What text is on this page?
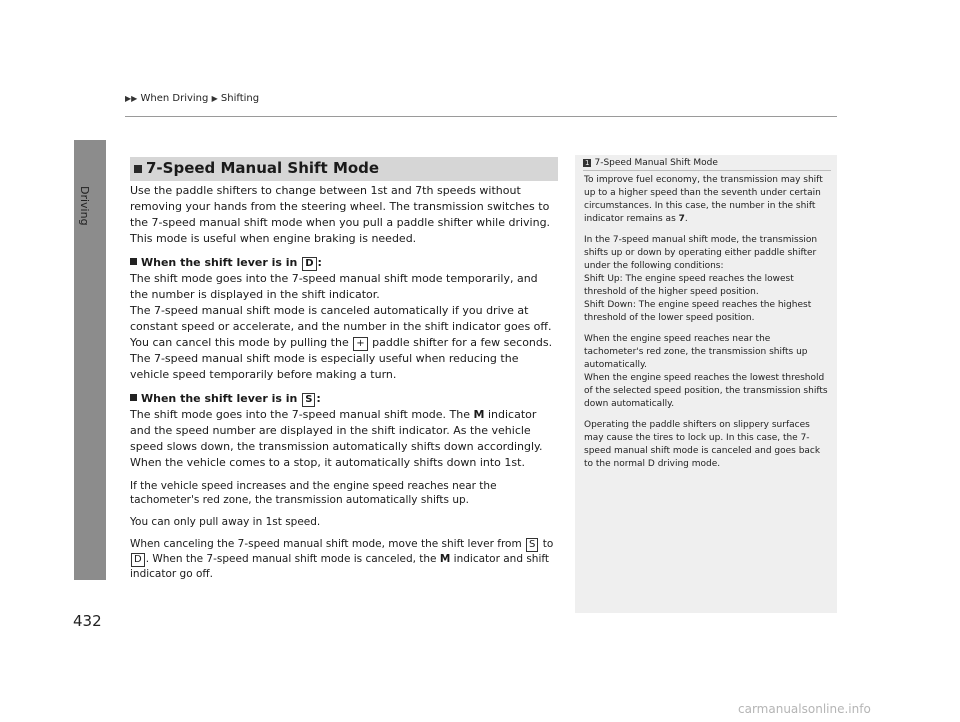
▶▶ When Driving ▶ Shifting
Driving
432
7-Speed Manual Shift Mode

Use the paddle shifters to change between 1st and 7th speeds without removing your hands from the steering wheel. The transmission switches to the 7-speed manual shift mode when you pull a paddle shifter while driving. This mode is useful when engine braking is needed.

When the shift lever is in D :

The shift mode goes into the 7-speed manual shift mode temporarily, and the number is displayed in the shift indicator.

The 7-speed manual shift mode is canceled automatically if you drive at constant speed or accelerate, and the number in the shift indicator goes off.

You can cancel this mode by pulling the + paddle shifter for a few seconds.

The 7-speed manual shift mode is especially useful when reducing the vehicle speed temporarily before making a turn.

When the shift lever is in S :

The shift mode goes into the 7-speed manual shift mode. The M indicator and the speed number are displayed in the shift indicator. As the vehicle speed slows down, the transmission automatically shifts down accordingly. When the vehicle comes to a stop, it automatically shifts down into 1st.

If the vehicle speed increases and the engine speed reaches near the tachometer's red zone, the transmission automatically shifts up.

You can only pull away in 1st speed.

When canceling the 7-speed manual shift mode, move the shift lever from S to D . When the 7-speed manual shift mode is canceled, the M indicator and shift indicator go off.

1 7-Speed Manual Shift Mode

To improve fuel economy, the transmission may shift up to a higher speed than the seventh under certain circumstances. In this case, the number in the shift indicator remains as 7.

In the 7-speed manual shift mode, the transmission shifts up or down by operating either paddle shifter under the following conditions:
Shift Up: The engine speed reaches the lowest threshold of the higher speed position.
Shift Down: The engine speed reaches the highest threshold of the lower speed position.

When the engine speed reaches near the tachometer's red zone, the transmission shifts up automatically.
When the engine speed reaches the lowest threshold of the selected speed position, the transmission shifts down automatically.

Operating the paddle shifters on slippery surfaces may cause the tires to lock up. In this case, the 7-speed manual shift mode is canceled and goes back to the normal D driving mode.

carmanualsonline.info
